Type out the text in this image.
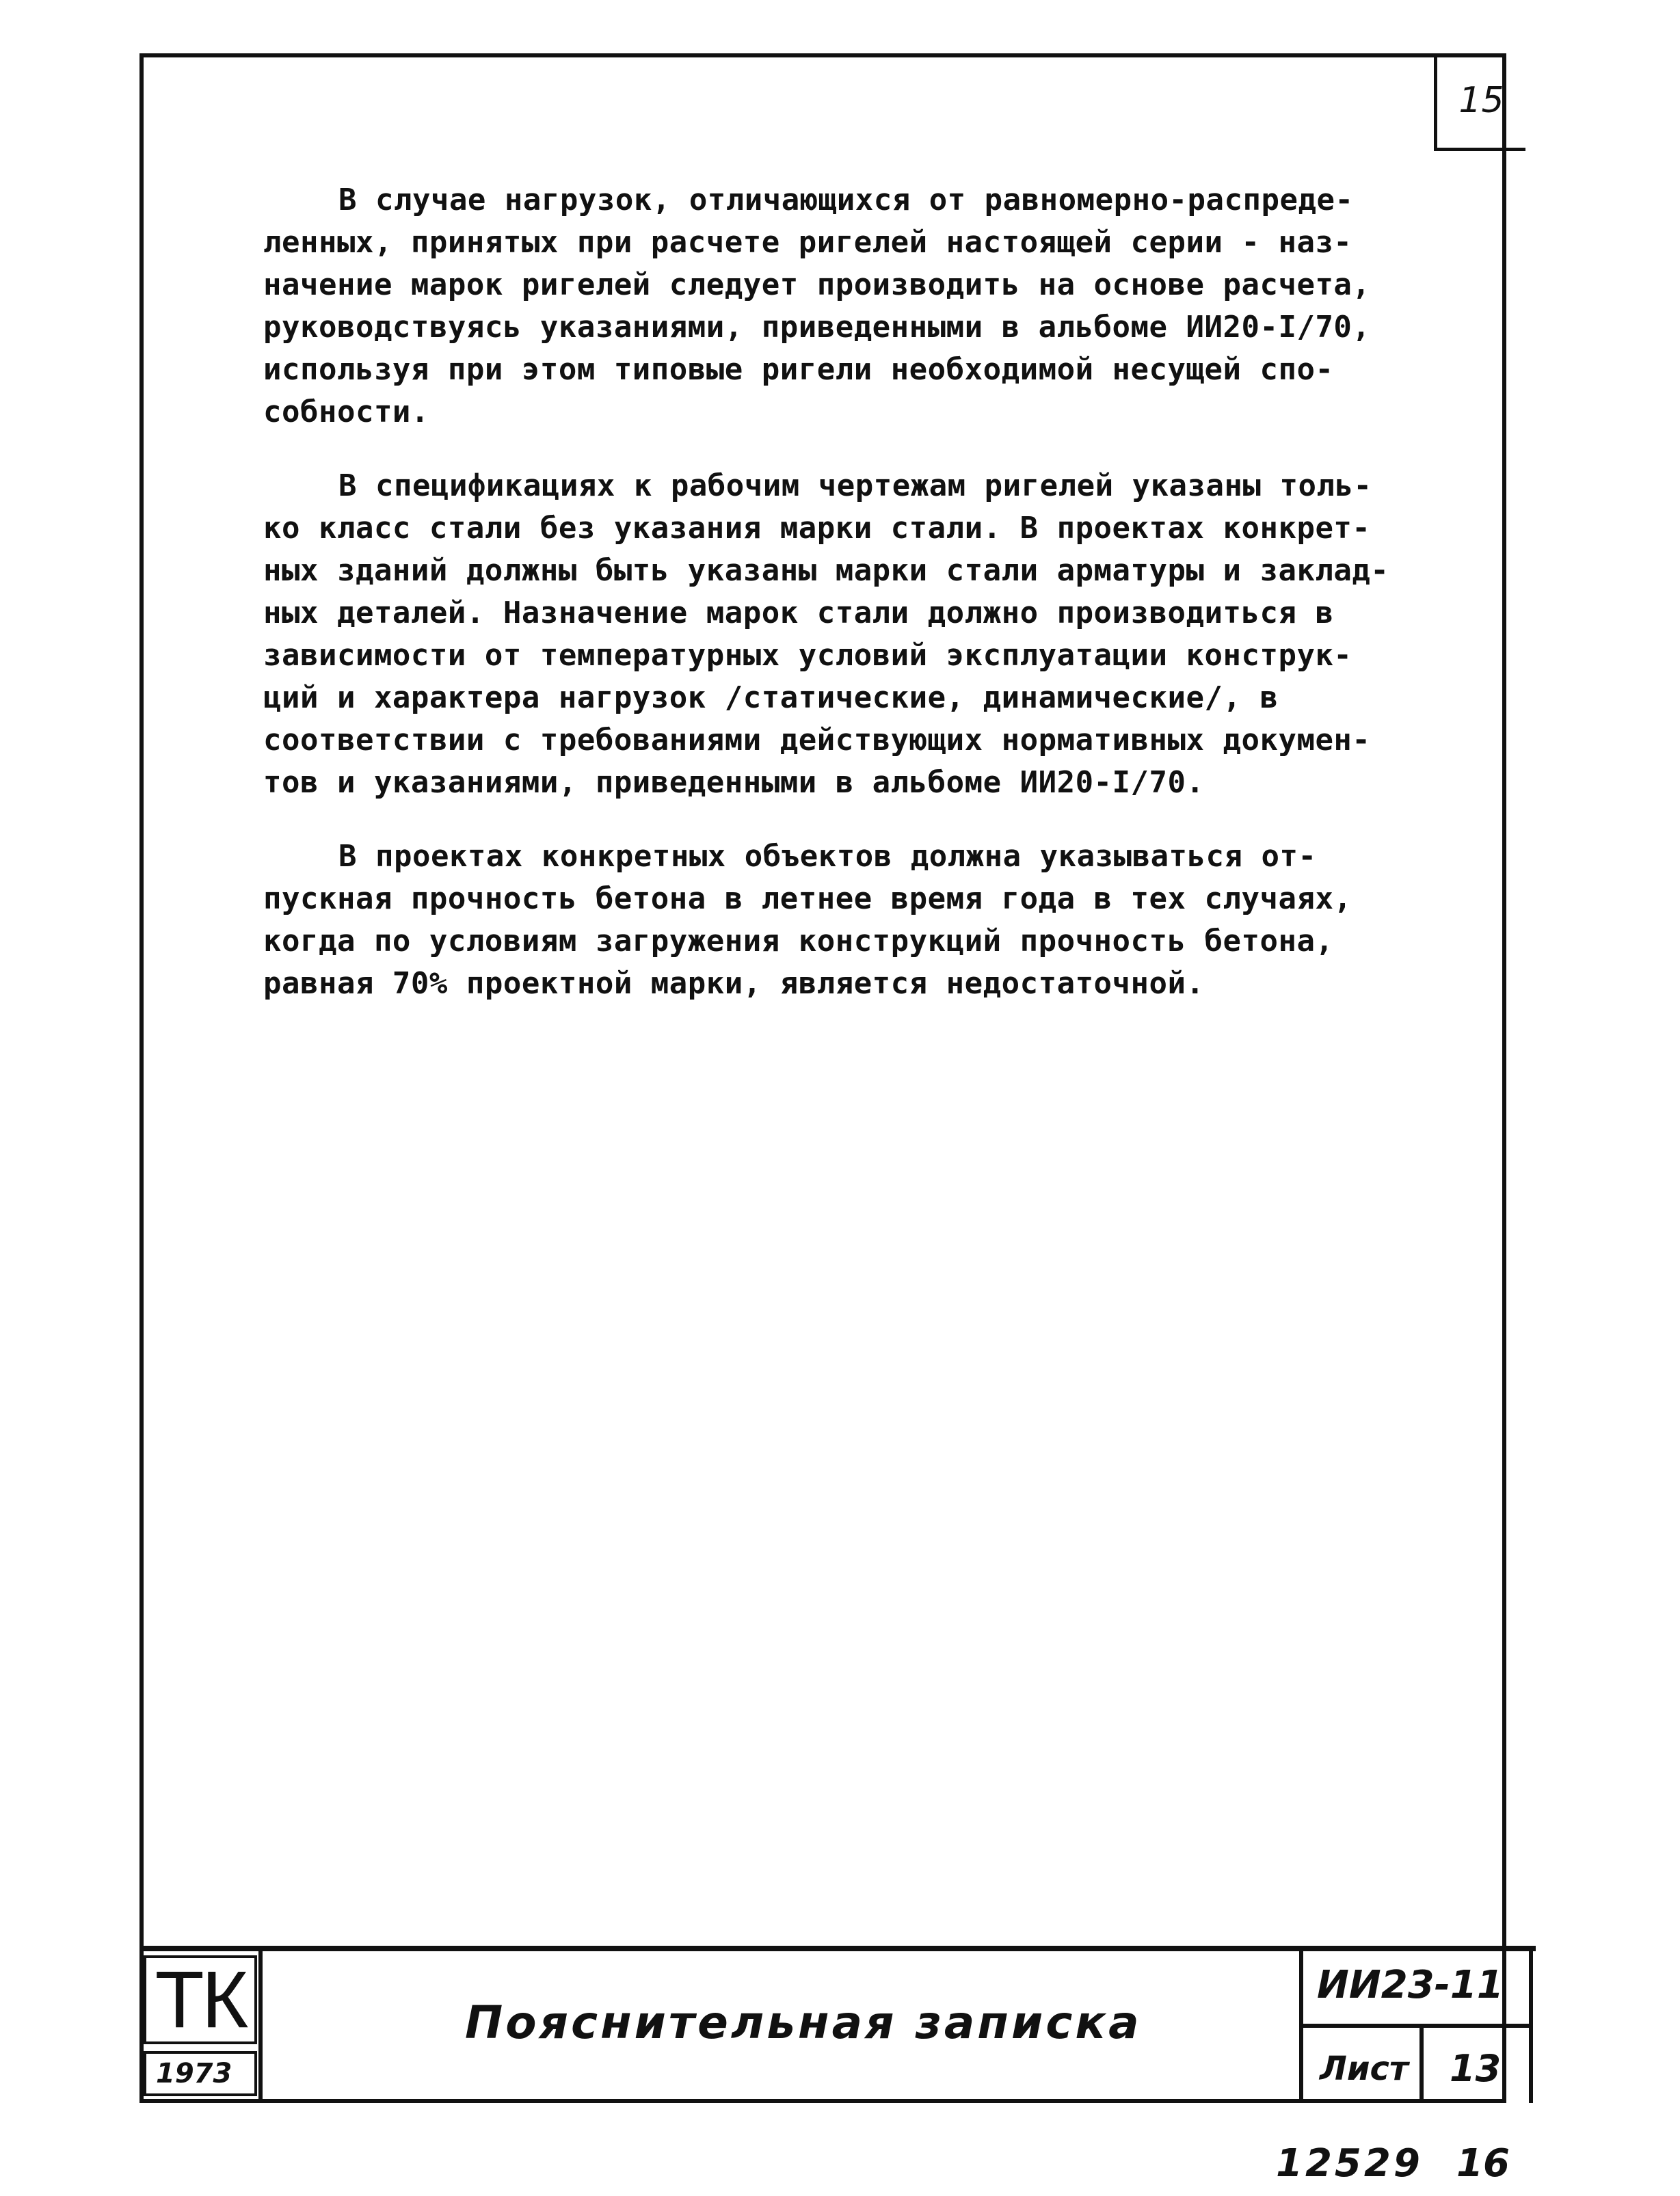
15
В случае нагрузок, отличающихся от равномерно-распреде-
ленных, принятых при расчете ригелей настоящей серии - наз-
начение марок ригелей следует производить на основе расчета,
руководствуясь указаниями, приведенными в альбоме ИИ20-I/70,
используя при этом типовые ригели необходимой несущей спо-
собности.
В спецификациях к рабочим чертежам ригелей указаны толь-
ко класс стали без указания марки стали. В проектах конкрет-
ных зданий должны быть указаны марки стали арматуры и заклад-
ных деталей. Назначение марок стали должно производиться в
зависимости от температурных условий эксплуатации конструк-
ций и характера нагрузок /статические, динамические/, в
соответствии с требованиями действующих нормативных докумен-
тов и указаниями, приведенными в альбоме ИИ20-I/70.
В проектах конкретных объектов должна указываться от-
пускная прочность бетона в летнее время года в тех случаях,
когда по условиям загружения конструкций прочность бетона,
равная 70% проектной марки, является недостаточной.
ТК
1973
Пояснительная записка
ИИ23-11
Лист	13
12529 16
